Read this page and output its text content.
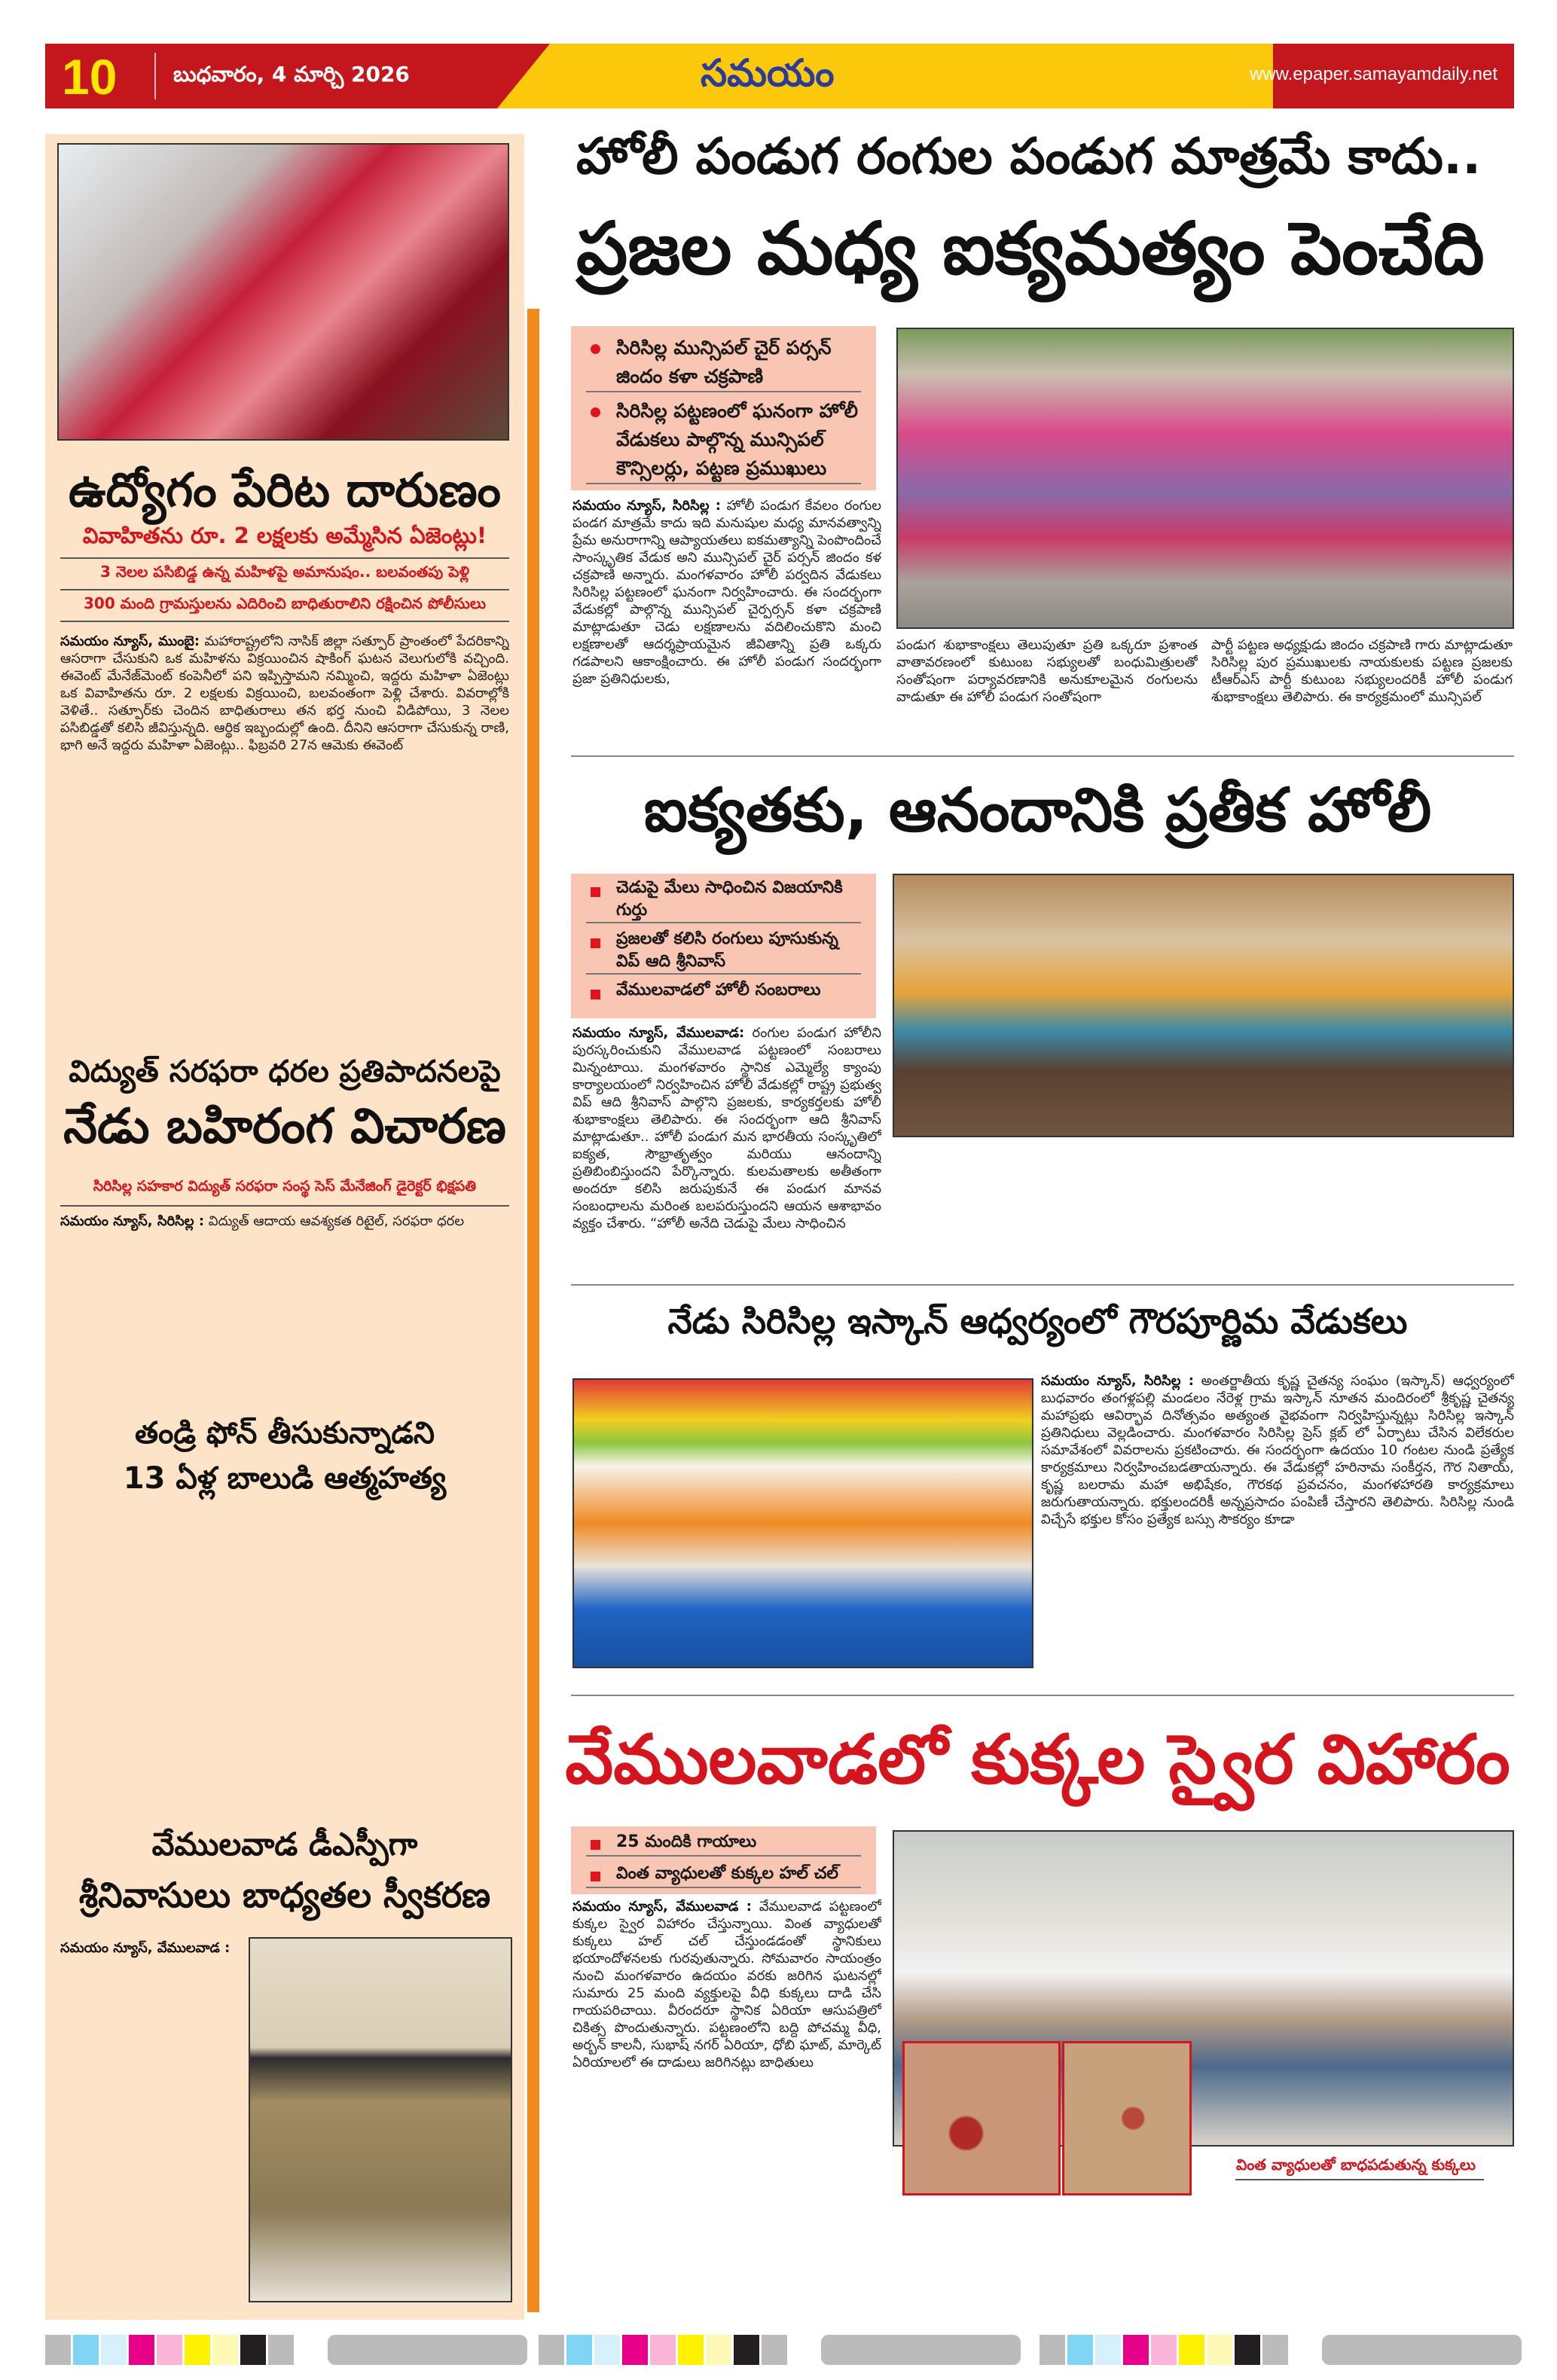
10	బుధవారం, 4 మార్చి 2026	సమయం	www.epaper.samayamdaily.net
ఉద్యోగం పేరిట దారుణం
వివాహితను రూ. 2 లక్షలకు అమ్మేసిన ఏజెంట్లు!
3 నెలల పసిబిడ్డ ఉన్న మహిళపై అమానుషం.. బలవంతపు పెళ్లి
300 మంది గ్రామస్తులను ఎదిరించి బాధితురాలిని రక్షించిన పోలీసులు
సమయం న్యూస్, ముంబై: మహారాష్ట్రలోని నాసిక్ జిల్లా సత్పూర్ ప్రాంతంలో పేదరికాన్ని ఆసరాగా చేసుకుని ఒక మహిళను విక్రయించిన షాకింగ్ ఘటన వెలుగులోకి వచ్చింది. ఈవెంట్ మేనేజ్‌మెంట్ కంపెనీలో పని ఇప్పిస్తామని నమ్మించి, ఇద్దరు మహిళా ఏజెంట్లు ఒక వివాహితను రూ. 2 లక్షలకు విక్రయించి, బలవంతంగా పెళ్లి చేశారు. వివరాల్లోకి వెళితే.. సత్పూర్‌కు చెందిన బాధితురాలు తన భర్త నుంచి విడిపోయి, 3 నెలల పసిబిడ్డతో కలిసి జీవిస్తున్నది. ఆర్థిక ఇబ్బందుల్లో ఉంది. దీనిని ఆసరాగా చేసుకున్న రాణి, భాగి అనే ఇద్దరు మహిళా ఏజెంట్లు.. ఫిబ్రవరి 27న ఆమెకు ఈవెంట్
విద్యుత్ సరఫరా ధరల ప్రతిపాదనలపై
నేడు బహిరంగ విచారణ
సిరిసిల్ల సహకార విద్యుత్ సరఫరా సంస్థ సెస్ మేనేజింగ్ డైరెక్టర్ భిక్షపతి
సమయం న్యూస్, సిరిసిల్ల : విద్యుత్ ఆదాయ ఆవశ్యకత రిటైల్, సరఫరా ధరల
తండ్రి ఫోన్ తీసుకున్నాడని
13 ఏళ్ల బాలుడి ఆత్మహత్య
వేములవాడ డీఎస్పీగా
శ్రీనివాసులు బాధ్యతల స్వీకరణ
సమయం న్యూస్, వేములవాడ :
హోలీ పండుగ రంగుల పండుగ మాత్రమే కాదు..
ప్రజల మధ్య ఐక్యమత్యం పెంచేది
సిరిసిల్ల మున్సిపల్ చైర్ పర్సన్ జిందం కళా చక్రపాణి
సిరిసిల్ల పట్టణంలో ఘనంగా హోలీ వేడుకలు పాల్గొన్న మున్సిపల్ కౌన్సిలర్లు, పట్టణ ప్రముఖులు
సమయం న్యూస్, సిరిసిల్ల : హోలీ పండుగ కేవలం రంగుల పండగ మాత్రమే కాదు ఇది మనుషుల మధ్య మానవత్వాన్ని ప్రేమ అనురాగాన్ని ఆప్యాయతలు ఐకమత్యాన్ని పెంపొందించే సాంస్కృతిక వేడుక అని మున్సిపల్ చైర్ పర్సన్ జిందం కళ చక్రపాణి అన్నారు. మంగళవారం హోలీ పర్వదిన వేడుకలు సిరిసిల్ల పట్టణంలో ఘనంగా నిర్వహించారు. ఈ సందర్భంగా వేడుకల్లో పాల్గొన్న మున్సిపల్ చైర్పర్సన్ కళా చక్రపాణి మాట్లాడుతూ చెడు లక్షణాలను వదిలించుకొని మంచి లక్షణాలతో ఆదర్శప్రాయమైన జీవితాన్ని ప్రతి ఒక్కరు గడపాలని ఆకాంక్షించారు. ఈ హోలీ పండుగ సందర్భంగా ప్రజా ప్రతినిధులకు,
పండుగ శుభాకాంక్షలు తెలుపుతూ ప్రతి ఒక్కరూ ప్రశాంత వాతావరణంలో కుటుంబ సభ్యులతో బంధుమిత్రులతో సంతోషంగా పర్యావరణానికి అనుకూలమైన రంగులను వాడుతూ ఈ హోలీ పండుగ సంతోషంగా
పార్టీ పట్టణ అధ్యక్షుడు జిందం చక్రపాణి గారు మాట్లాడుతూ సిరిసిల్ల పుర ప్రముఖులకు నాయకులకు పట్టణ ప్రజలకు టీఆర్ఎస్ పార్టీ కుటుంబ సభ్యులందరికీ హోలీ పండుగ శుభాకాంక్షలు తెలిపారు. ఈ కార్యక్రమంలో మున్సిపల్
ఐక్యతకు, ఆనందానికి ప్రతీక హోలీ
చెడుపై మేలు సాధించిన విజయానికి గుర్తు
ప్రజలతో కలిసి రంగులు పూసుకున్న విప్ ఆది శ్రీనివాస్
వేములవాడలో హోలీ సంబరాలు
సమయం న్యూస్, వేములవాడ: రంగుల పండుగ హోలీని పురస్కరించుకుని వేములవాడ పట్టణంలో సంబరాలు మిన్నంటాయి. మంగళవారం స్థానిక ఎమ్మెల్యే క్యాంపు కార్యాలయంలో నిర్వహించిన హోలీ వేడుకల్లో రాష్ట్ర ప్రభుత్వ విప్ ఆది శ్రీనివాస్ పాల్గొని ప్రజలకు, కార్యకర్తలకు హోలీ శుభాకాంక్షలు తెలిపారు. ఈ సందర్భంగా ఆది శ్రీనివాస్ మాట్లాడుతూ.. హోలీ పండుగ మన భారతీయ సంస్కృతిలో ఐక్యత, సౌభ్రాతృత్వం మరియు ఆనందాన్ని ప్రతిబింబిస్తుందని పేర్కొన్నారు. కులమతాలకు అతీతంగా అందరూ కలిసి జరుపుకునే ఈ పండుగ మానవ సంబంధాలను మరింత బలపరుస్తుందని ఆయన ఆశాభావం వ్యక్తం చేశారు. “హోలీ అనేది చెడుపై మేలు సాధించిన
నేడు సిరిసిల్ల ఇస్కాన్ ఆధ్వర్యంలో గౌరపూర్ణిమ వేడుకలు
సమయం న్యూస్, సిరిసిల్ల : అంతర్జాతీయ కృష్ణ చైతన్య సంఘం (ఇస్కాన్) ఆధ్వర్యంలో బుధవారం తంగళ్లపల్లి మండలం నేరెళ్ల గ్రామ ఇస్కాన్ నూతన మందిరంలో శ్రీకృష్ణ చైతన్య మహాప్రభు ఆవిర్భావ దినోత్సవం అత్యంత వైభవంగా నిర్వహిస్తున్నట్లు సిరిసిల్ల ఇస్కాన్ ప్రతినిధులు వెల్లడించారు. మంగళవారం సిరిసిల్ల ప్రెస్ క్లబ్ లో ఏర్పాటు చేసిన విలేకరుల సమావేశంలో వివరాలను ప్రకటించారు. ఈ సందర్భంగా ఉదయం 10 గంటల నుండి ప్రత్యేక కార్యక్రమాలు నిర్వహించబడతాయన్నారు. ఈ వేడుకల్లో హరినామ సంకీర్తన, గౌర నితాయ్, కృష్ణ బలరామ మహా అభిషేకం, గౌరకథ ప్రవచనం, మంగళహారతి కార్యక్రమాలు జరుగుతాయన్నారు. భక్తులందరికీ అన్నప్రసాదం పంపిణీ చేస్తారని తెలిపారు. సిరిసిల్ల నుండి విచ్చేసే భక్తుల కోసం ప్రత్యేక బస్సు సౌకర్యం కూడా
వేములవాడలో కుక్కల స్వైర విహారం
25 మందికి గాయాలు
వింత వ్యాధులతో కుక్కల హల్ చల్
సమయం న్యూస్, వేములవాడ : వేములవాడ పట్టణంలో కుక్కల స్వైర విహారం చేస్తున్నాయి. వింత వ్యాధులతో కుక్కలు హల్ చల్ చేస్తుండడంతో స్థానికులు భయాందోళనలకు గురవుతున్నారు. సోమవారం సాయంత్రం నుంచి మంగళవారం ఉదయం వరకు జరిగిన ఘటనల్లో సుమారు 25 మంది వ్యక్తులపై వీధి కుక్కలు దాడి చేసి గాయపరిచాయి. వీరందరూ స్థానిక ఏరియా ఆసుపత్రిలో చికిత్స పొందుతున్నారు. పట్టణంలోని బద్ది పోచమ్మ వీధి, అర్బన్ కాలనీ, సుభాష్ నగర్ ఏరియా, ధోబి ఘాట్, మార్కెట్ ఏరియాలలో ఈ దాడులు జరిగినట్లు బాధితులు
వింత వ్యాధులతో బాధపడుతున్న కుక్కలు
